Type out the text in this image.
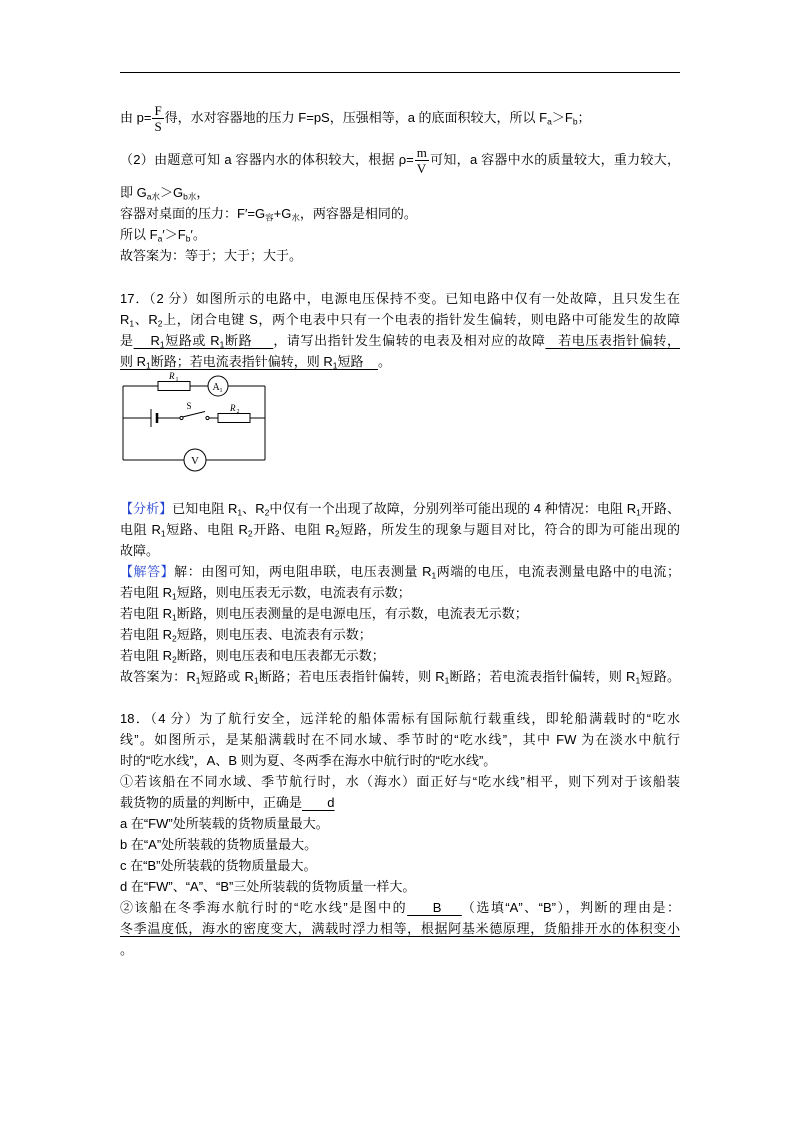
由 $p= \frac{F}{S}$ 得，水对容器地的压力 F=pS，压强相等，a 的底面积较大，所以 $F_a>F_b$；
（2）由题意可知 a 容器内水的体积较大，根据 $\rho= \frac{m}{V}$ 可知，a 容器中水的质量较大，重力较大，
即 $G_{a水}>G_{b水}$，
容器对桌面的压力：$F'=G_容+G_水$，两容器是相同的。
所以 $F_a'>F_b'$。
故答案为：等于；大于；大于。
17．（2 分）如图所示的电路中，电源电压保持不变。已知电路中仅有一处故障，且只发生在
$R_1$、$R_2$上，闭合电键 S，两个电表中只有一个电表的指针发生偏转，则电路中可能发生的故障
是    $R_1$短路或 $R_1$断路     ，请写出指针发生偏转的电表及相对应的故障   若电压表指针偏转，
则 $R_1$断路；若电流表指针偏转，则 $R_1$短路    。
R 1
A 1
S	R 2
V
【分析】已知电阻 $R_1$、$R_2$中仅有一个出现了故障，分别列举可能出现的 4 种情况：电阻 $R_1$开路、
电阻 $R_1$短路、电阻 $R_2$开路、电阻 $R_2$短路，所发生的现象与题目对比，符合的即为可能出现的
故障。
【解答】解：由图可知，两电阻串联，电压表测量 $R_1$两端的电压，电流表测量电路中的电流；
若电阻 $R_1$短路，则电压表无示数，电流表有示数；
若电阻 $R_1$断路，则电压表测量的是电源电压，有示数，电流表无示数；
若电阻 $R_2$短路，则电压表、电流表有示数；
若电阻 $R_2$断路，则电压表和电压表都无示数；
故答案为：$R_1$短路或 $R_1$断路；若电压表指针偏转，则 $R_1$断路；若电流表指针偏转，则 $R_1$短路。
18．（4 分）为了航行安全，远洋轮的船体需标有国际航行载重线，即轮船满载时的“吃水
线”。如图所示，是某船满载时在不同水域、季节时的“吃水线”，其中 FW 为在淡水中航行
时的“吃水线”，A、B 则为夏、冬两季在海水中航行时的“吃水线”。
①若该船在不同水域、季节航行时，水（海水）面正好与“吃水线”相平，则下列对于该船装
载货物的质量的判断中，正确是       d
a 在“FW”处所装载的货物质量最大。
b 在“A”处所装载的货物质量最大。
c 在“B”处所装载的货物质量最大。
d 在“FW”、“A”、“B”三处所装载的货物质量一样大。
②该船在冬季海水航行时的“吃水线”是图中的     B    （选填“A”、“B”），判断的理由是：
冬季温度低，海水的密度变大，满载时浮力相等，根据阿基米德原理，货船排开水的体积变小
。
